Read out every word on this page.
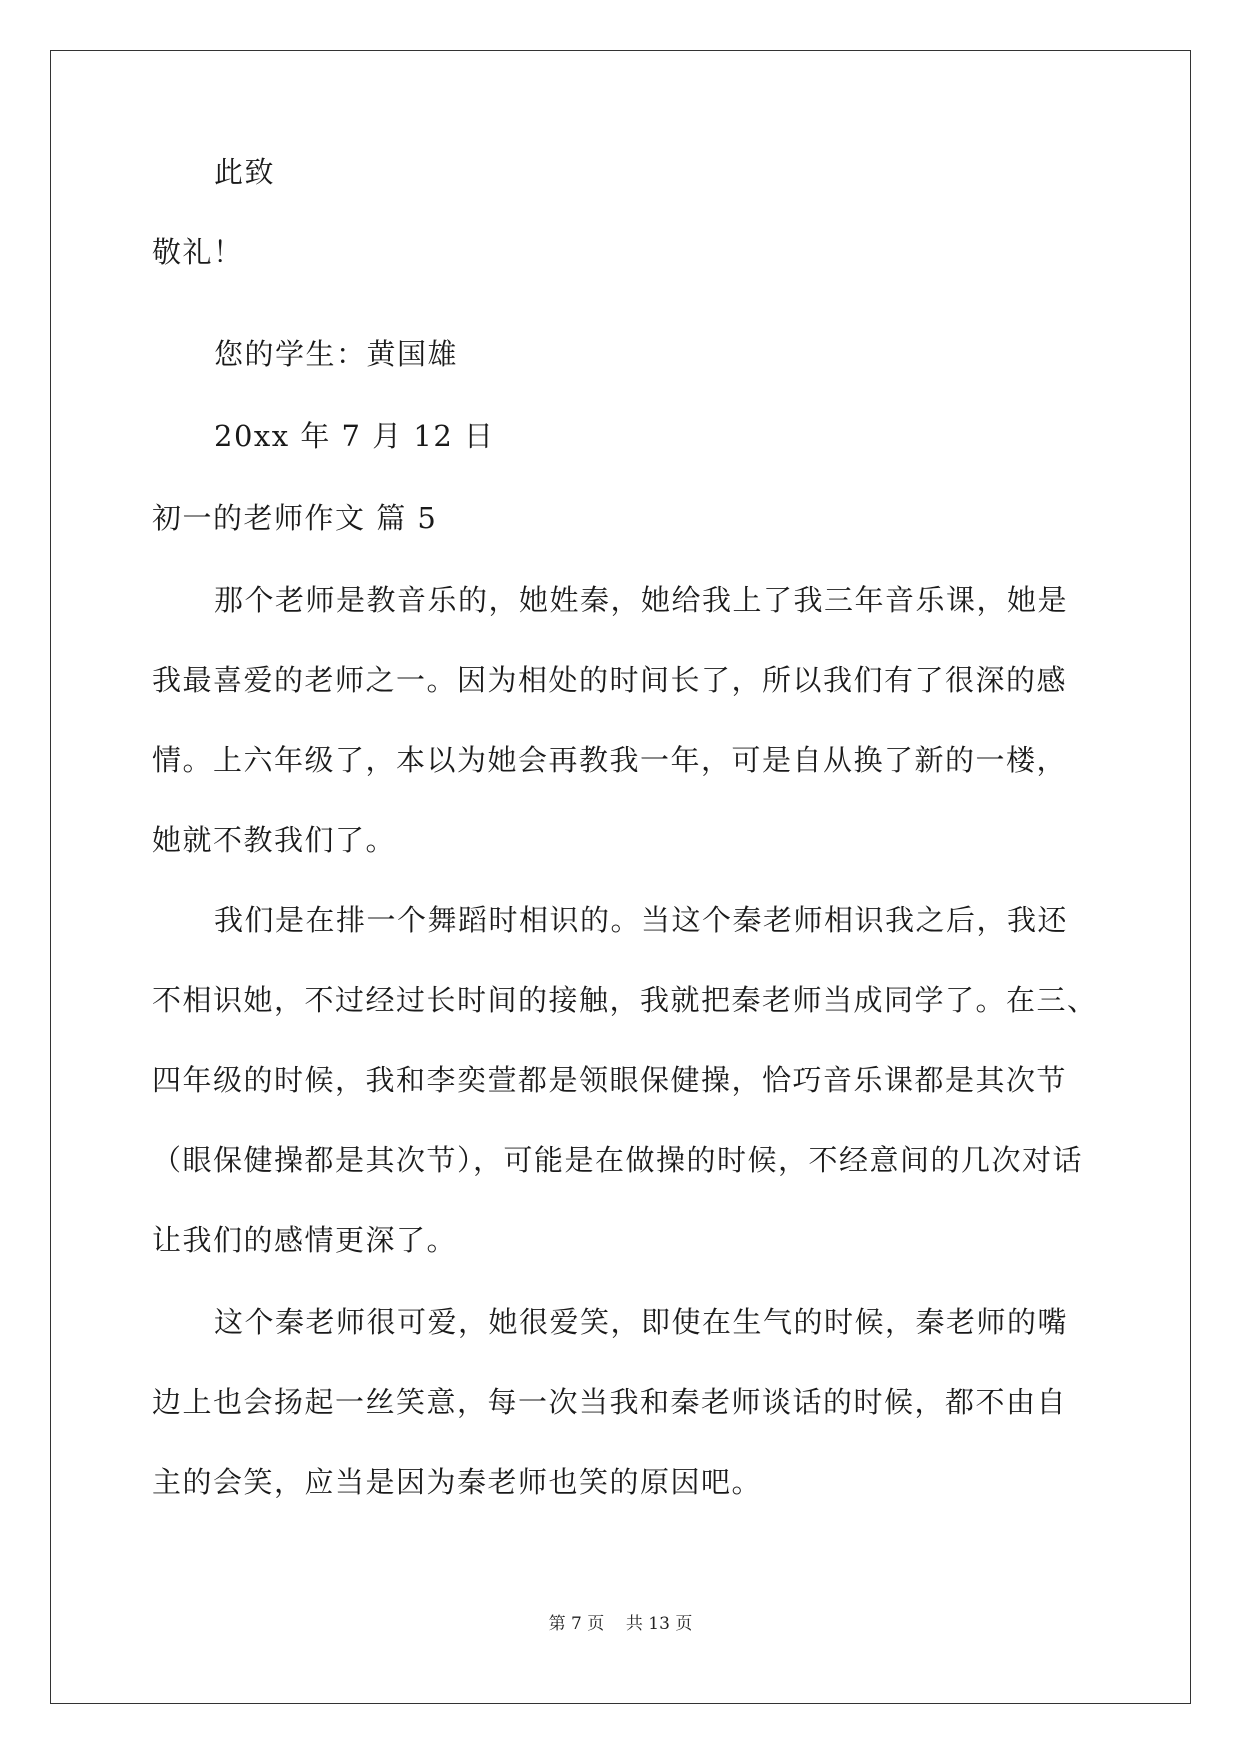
此致
敬礼！
您的学生：黄国雄
20xx 年 7 月 12 日
初一的老师作文 篇 5
那个老师是教音乐的，她姓秦，她给我上了我三年音乐课，她是
我最喜爱的老师之一。因为相处的时间长了，所以我们有了很深的感
情。上六年级了，本以为她会再教我一年，可是自从换了新的一楼，
她就不教我们了。
我们是在排一个舞蹈时相识的。当这个秦老师相识我之后，我还
不相识她，不过经过长时间的接触，我就把秦老师当成同学了。在三、
四年级的时候，我和李奕萱都是领眼保健操，恰巧音乐课都是其次节
（眼保健操都是其次节），可能是在做操的时候，不经意间的几次对话
让我们的感情更深了。
这个秦老师很可爱，她很爱笑，即使在生气的时候，秦老师的嘴
边上也会扬起一丝笑意，每一次当我和秦老师谈话的时候，都不由自
主的会笑，应当是因为秦老师也笑的原因吧。
第 7 页    共 13 页
